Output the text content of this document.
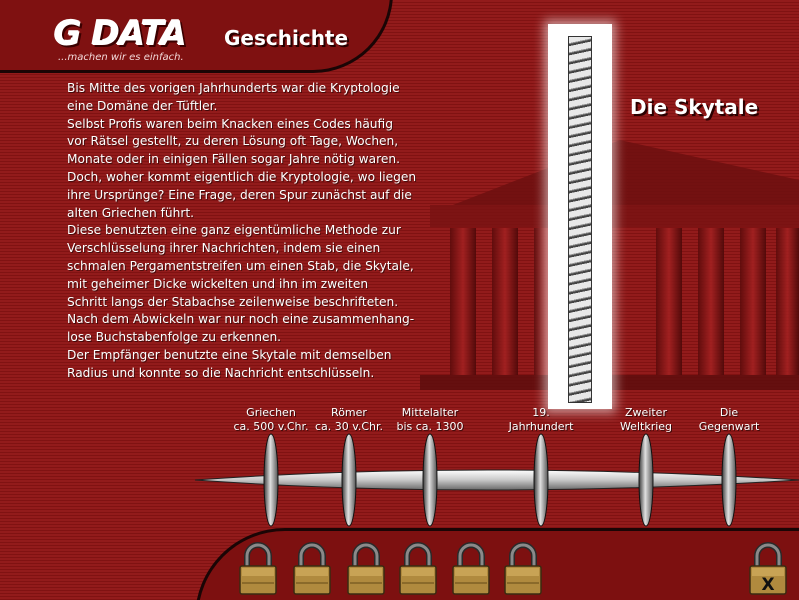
G DATA
...machen wir es einfach.
Geschichte

Bis Mitte des vorigen Jahrhunderts war die Kryptologie
eine Domäne der Tüftler.
Selbst Profis waren beim Knacken eines Codes häufig
vor Rätsel gestellt, zu deren Lösung oft Tage, Wochen,
Monate oder in einigen Fällen sogar Jahre nötig waren.
Doch, woher kommt eigentlich die Kryptologie, wo liegen
ihre Ursprünge? Eine Frage, deren Spur zunächst auf die
alten Griechen führt.
Diese benutzten eine ganz eigentümliche Methode zur
Verschlüsselung ihrer Nachrichten, indem sie einen
schmalen Pergamentstreifen um einen Stab, die Skytale,
mit geheimer Dicke wickelten und ihn im zweiten
Schritt langs der Stabachse zeilenweise beschrifteten.
Nach dem Abwickeln war nur noch eine zusammenhang-
lose Buchstabenfolge zu erkennen.
Der Empfänger benutzte eine Skytale mit demselben
Radius und konnte so die Nachricht entschlüsseln.

Die Skytale
Griechen
ca. 500 v.Chr.
Römer
ca. 30 v.Chr.
Mittelalter
bis ca. 1300
19.
Jahrhundert
Zweiter
Weltkrieg
Die
Gegenwart
X
